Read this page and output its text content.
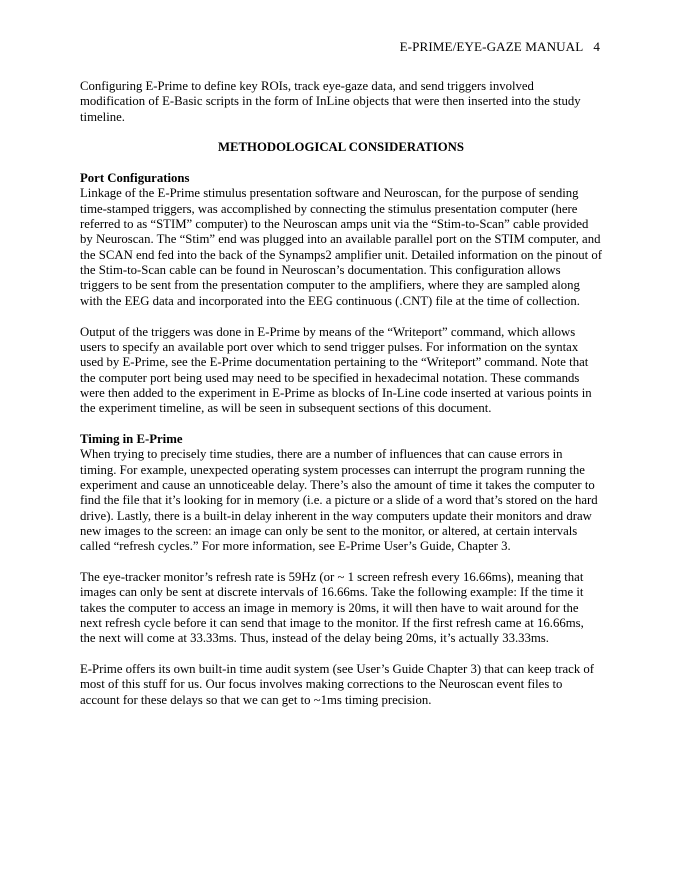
E-PRIME/EYE-GAZE MANUAL 4

Configuring E-Prime to define key ROIs, track eye-gaze data, and send triggers involved modification of E-Basic scripts in the form of InLine objects that were then inserted into the study timeline.

METHODOLOGICAL CONSIDERATIONS
Port Configurations
Linkage of the E-Prime stimulus presentation software and Neuroscan, for the purpose of sending time-stamped triggers, was accomplished by connecting the stimulus presentation computer (here referred to as “STIM” computer) to the Neuroscan amps unit via the “Stim-to-Scan” cable provided by Neuroscan. The “Stim” end was plugged into an available parallel port on the STIM computer, and the SCAN end fed into the back of the Synamps2 amplifier unit. Detailed information on the pinout of the Stim-to-Scan cable can be found in Neuroscan’s documentation. This configuration allows triggers to be sent from the presentation computer to the amplifiers, where they are sampled along with the EEG data and incorporated into the EEG continuous (.CNT) file at the time of collection.

Output of the triggers was done in E-Prime by means of the “Writeport” command, which allows users to specify an available port over which to send trigger pulses. For information on the syntax used by E-Prime, see the E-Prime documentation pertaining to the “Writeport” command. Note that the computer port being used may need to be specified in hexadecimal notation. These commands were then added to the experiment in E-Prime as blocks of In-Line code inserted at various points in the experiment timeline, as will be seen in subsequent sections of this document.

Timing in E-Prime
When trying to precisely time studies, there are a number of influences that can cause errors in timing. For example, unexpected operating system processes can interrupt the program running the experiment and cause an unnoticeable delay. There’s also the amount of time it takes the computer to find the file that it’s looking for in memory (i.e. a picture or a slide of a word that’s stored on the hard drive). Lastly, there is a built-in delay inherent in the way computers update their monitors and draw new images to the screen: an image can only be sent to the monitor, or altered, at certain intervals called “refresh cycles.” For more information, see E-Prime User’s Guide, Chapter 3.

The eye-tracker monitor’s refresh rate is 59Hz (or ~ 1 screen refresh every 16.66ms), meaning that images can only be sent at discrete intervals of 16.66ms. Take the following example: If the time it takes the computer to access an image in memory is 20ms, it will then have to wait around for the next refresh cycle before it can send that image to the monitor. If the first refresh came at 16.66ms, the next will come at 33.33ms. Thus, instead of the delay being 20ms, it’s actually 33.33ms.

E-Prime offers its own built-in time audit system (see User’s Guide Chapter 3) that can keep track of most of this stuff for us. Our focus involves making corrections to the Neuroscan event files to account for these delays so that we can get to ~1ms timing precision.
